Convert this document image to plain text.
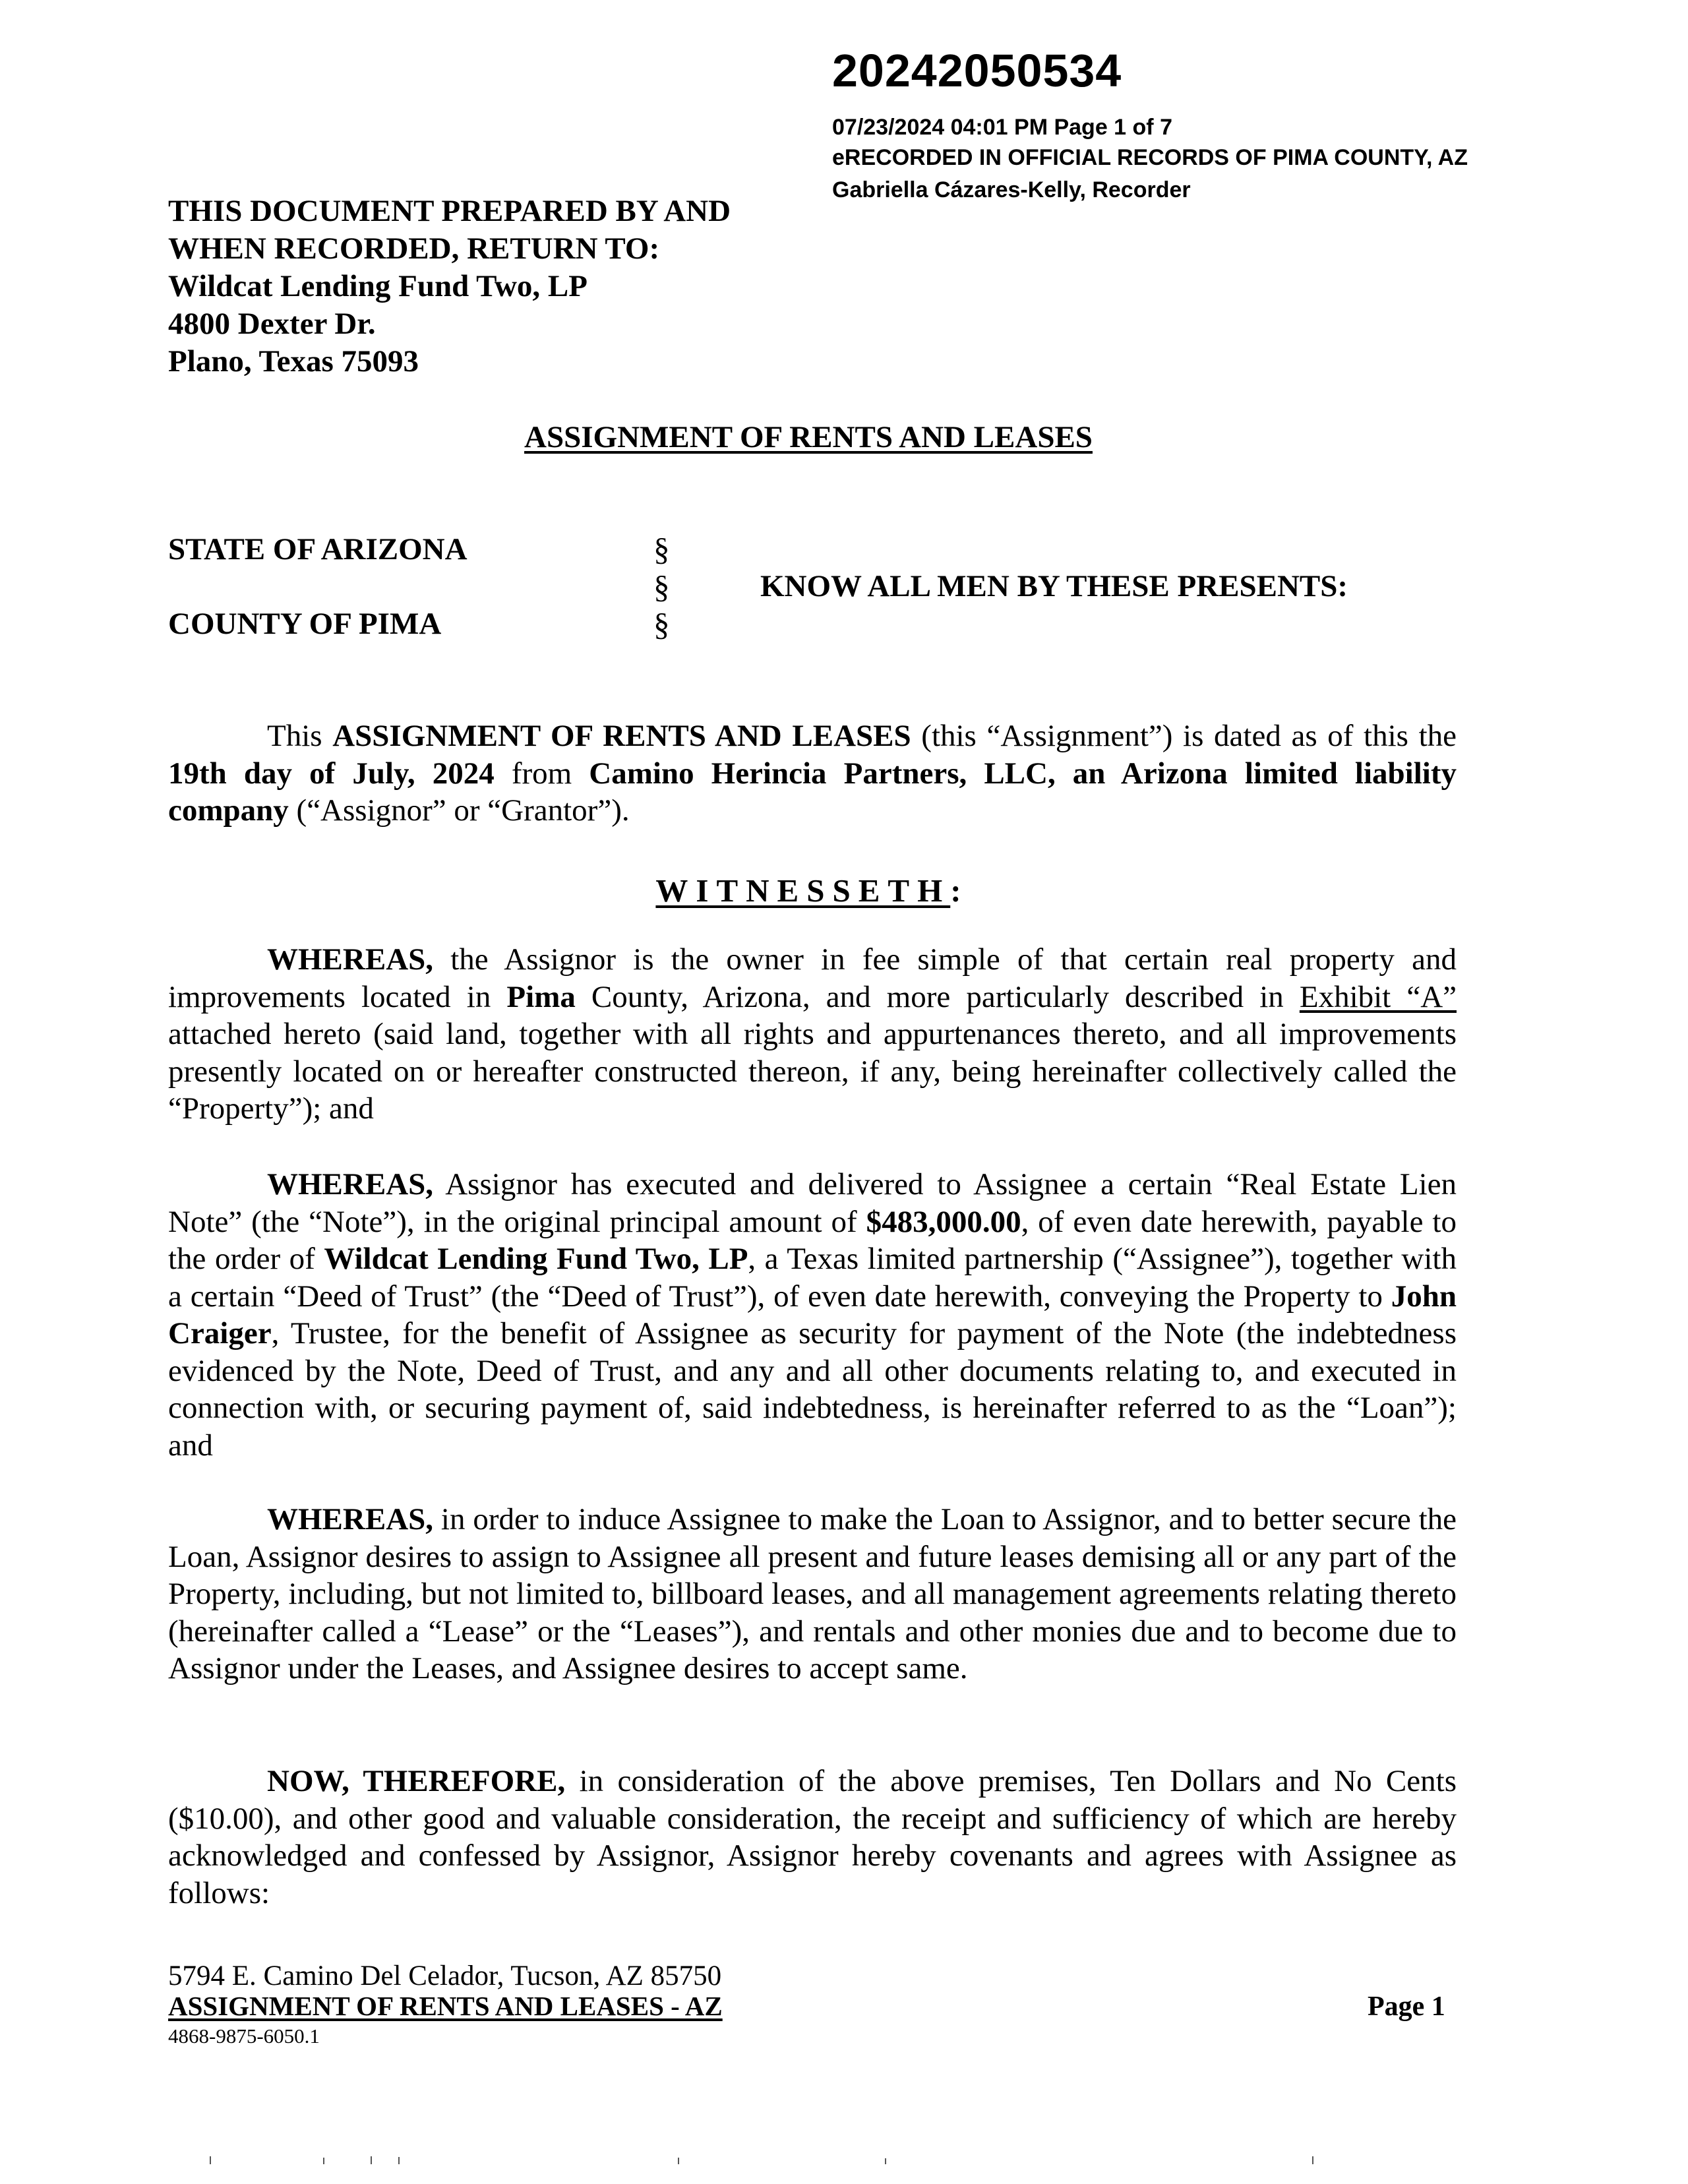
20242050534
07/23/2024 04:01 PM Page 1 of 7
eRECORDED IN OFFICIAL RECORDS OF PIMA COUNTY, AZ
Gabriella Cázares-Kelly, Recorder
THIS DOCUMENT PREPARED BY AND
WHEN RECORDED, RETURN TO:
Wildcat Lending Fund Two, LP
4800 Dexter Dr.
Plano, Texas 75093
ASSIGNMENT OF RENTS AND LEASES
STATE OF ARIZONA
COUNTY OF PIMA
§
§
§
KNOW ALL MEN BY THESE PRESENTS:
This ASSIGNMENT OF RENTS AND LEASES (this “Assignment”) is dated as of this the 19th day of July, 2024 from Camino Herincia Partners, LLC, an Arizona limited liability company (“Assignor” or “Grantor”).
WITNESSETH:
WHEREAS, the Assignor is the owner in fee simple of that certain real property and improvements located in Pima County, Arizona, and more particularly described in Exhibit “A” attached hereto (said land, together with all rights and appurtenances thereto, and all improvements presently located on or hereafter constructed thereon, if any, being hereinafter collectively called the “Property”); and
WHEREAS, Assignor has executed and delivered to Assignee a certain “Real Estate Lien Note” (the “Note”), in the original principal amount of $483,000.00, of even date herewith, payable to the order of Wildcat Lending Fund Two, LP, a Texas limited partnership (“Assignee”), together with a certain “Deed of Trust” (the “Deed of Trust”), of even date herewith, conveying the Property to John Craiger, Trustee, for the benefit of Assignee as security for payment of the Note (the indebtedness evidenced by the Note, Deed of Trust, and any and all other documents relating to, and executed in connection with, or securing payment of, said indebtedness, is hereinafter referred to as the “Loan”); and
WHEREAS, in order to induce Assignee to make the Loan to Assignor, and to better secure the Loan, Assignor desires to assign to Assignee all present and future leases demising all or any part of the Property, including, but not limited to, billboard leases, and all management agreements relating thereto (hereinafter called a “Lease” or the “Leases”), and rentals and other monies due and to become due to Assignor under the Leases, and Assignee desires to accept same.
NOW, THEREFORE, in consideration of the above premises, Ten Dollars and No Cents ($10.00), and other good and valuable consideration, the receipt and sufficiency of which are hereby acknowledged and confessed by Assignor, Assignor hereby covenants and agrees with Assignee as follows:
5794 E. Camino Del Celador, Tucson, AZ 85750
ASSIGNMENT OF RENTS AND LEASES - AZ
4868-9875-6050.1
Page 1
